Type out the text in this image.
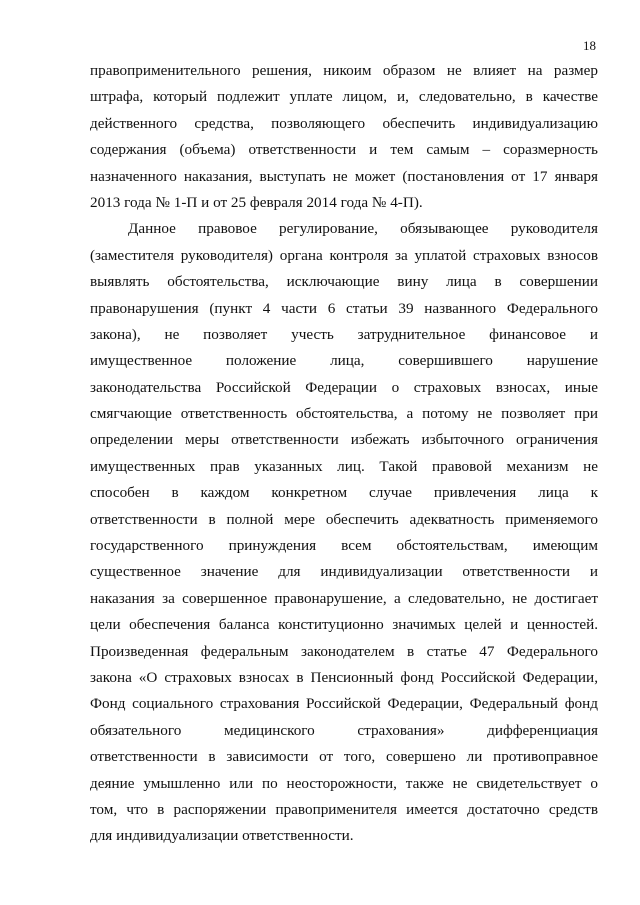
18
правоприменительного решения, никоим образом не влияет на размер
штрафа, который подлежит уплате лицом, и, следовательно, в качестве
действенного средства, позволяющего обеспечить индивидуализацию
содержания (объема) ответственности и тем самым – соразмерность
назначенного наказания, выступать не может (постановления от 17 января
2013 года № 1-П и от 25 февраля 2014 года № 4-П).
Данное правовое регулирование, обязывающее руководителя
(заместителя руководителя) органа контроля за уплатой страховых взносов
выявлять обстоятельства, исключающие вину лица в совершении
правонарушения (пункт 4 части 6 статьи 39 названного Федерального
закона), не позволяет учесть затруднительное финансовое и
имущественное положение лица, совершившего нарушение
законодательства Российской Федерации о страховых взносах, иные
смягчающие ответственность обстоятельства, а потому не позволяет при
определении меры ответственности избежать избыточного ограничения
имущественных прав указанных лиц. Такой правовой механизм не
способен в каждом конкретном случае привлечения лица к
ответственности в полной мере обеспечить адекватность применяемого
государственного принуждения всем обстоятельствам, имеющим
существенное значение для индивидуализации ответственности и
наказания за совершенное правонарушение, а следовательно, не достигает
цели обеспечения баланса конституционно значимых целей и ценностей.
Произведенная федеральным законодателем в статье 47 Федерального
закона «О страховых взносах в Пенсионный фонд Российской Федерации,
Фонд социального страхования Российской Федерации, Федеральный фонд
обязательного медицинского страхования» дифференциация
ответственности в зависимости от того, совершено ли противоправное
деяние умышленно или по неосторожности, также не свидетельствует о
том, что в распоряжении правоприменителя имеется достаточно средств
для индивидуализации ответственности.
